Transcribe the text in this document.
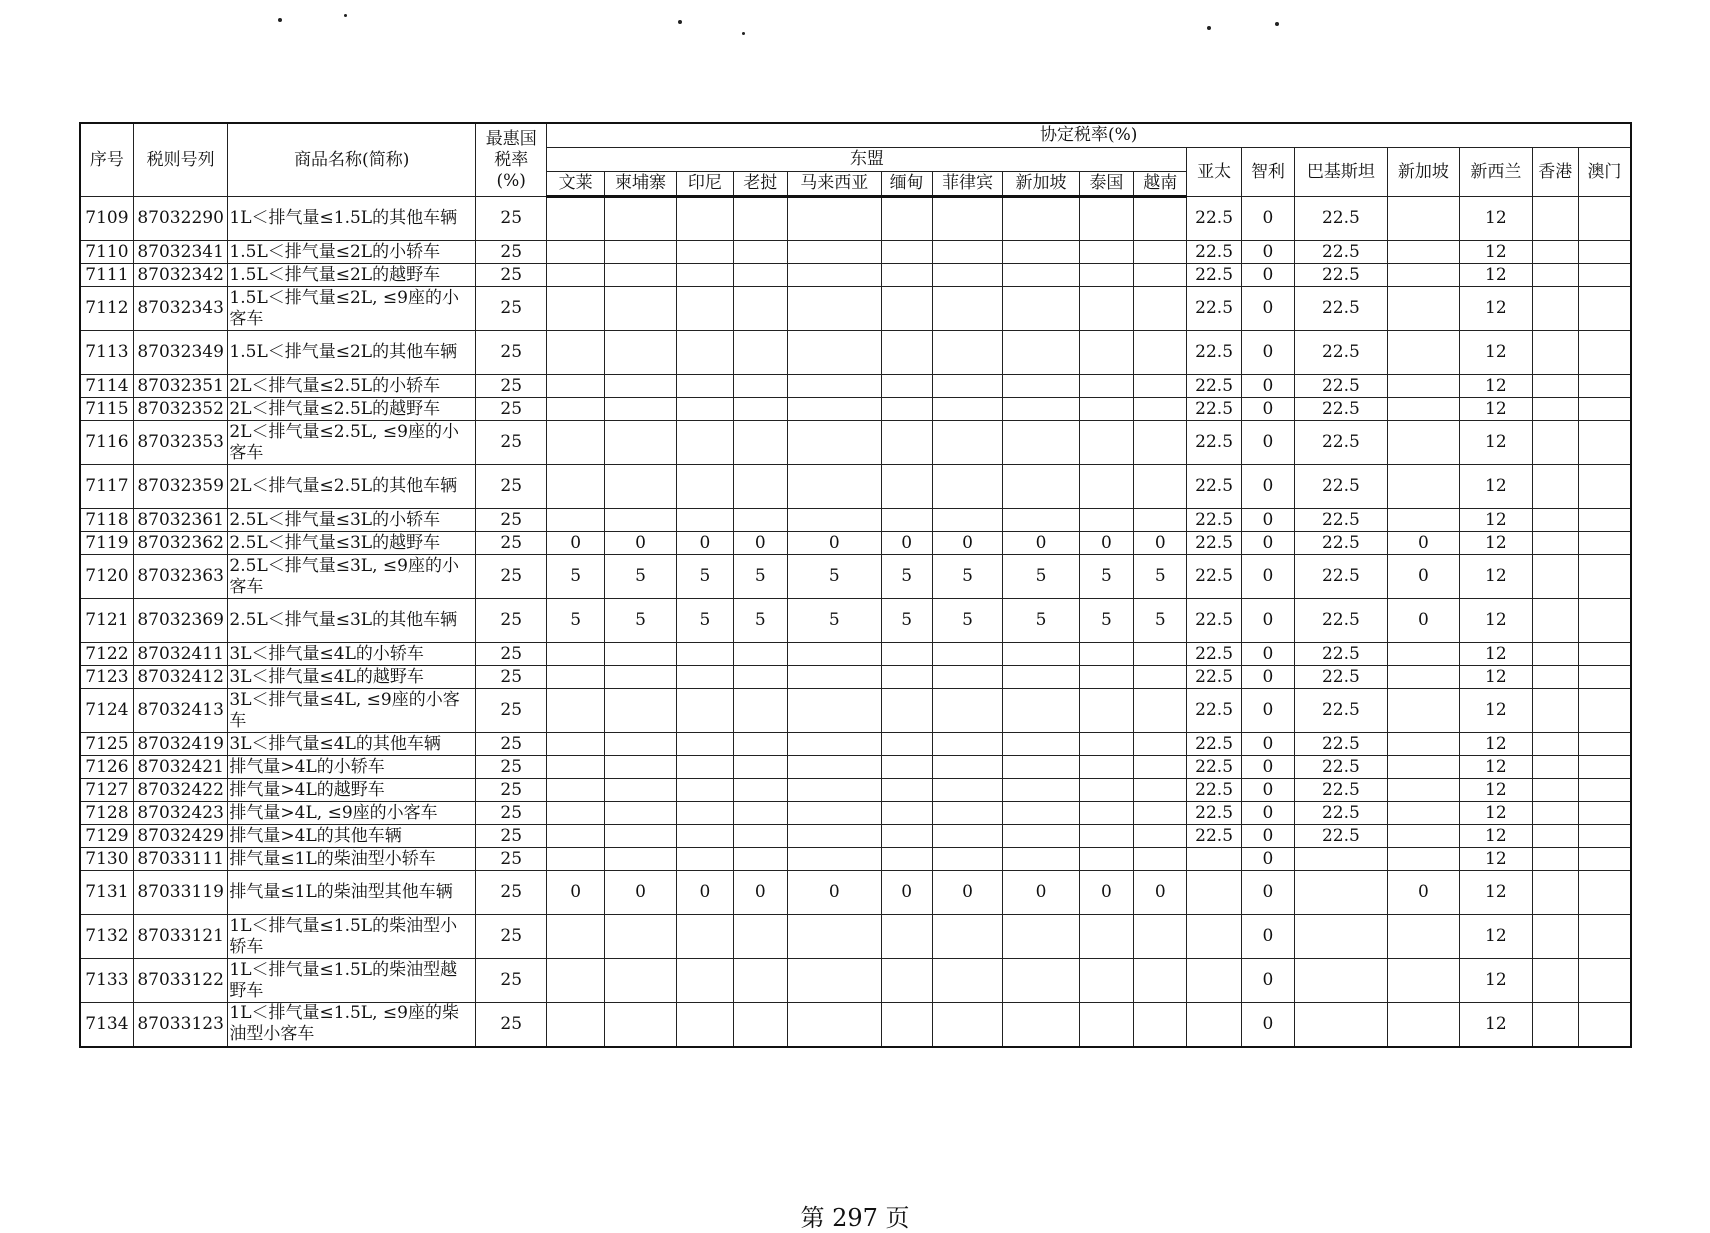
序号	税则号列	商品名称(简称)	最惠国
税率
(%)	协定税率(%)																
				东盟										亚太	智利	巴基斯坦	新加坡	新西兰	香港	澳门
				文莱	柬埔寨	印尼	老挝	马来西亚	缅甸	菲律宾	新加坡	泰国	越南							
7109	87032290	1L＜排气量≤1.5L的其他车辆	25											22.5	0	22.5		12		
7110	87032341	1.5L＜排气量≤2L的小轿车	25											22.5	0	22.5		12		
7111	87032342	1.5L＜排气量≤2L的越野车	25											22.5	0	22.5		12		
7112	87032343	1.5L＜排气量≤2L, ≤9座的小客车	25											22.5	0	22.5		12		
7113	87032349	1.5L＜排气量≤2L的其他车辆	25											22.5	0	22.5		12		
7114	87032351	2L＜排气量≤2.5L的小轿车	25											22.5	0	22.5		12		
7115	87032352	2L＜排气量≤2.5L的越野车	25											22.5	0	22.5		12		
7116	87032353	2L＜排气量≤2.5L, ≤9座的小客车	25											22.5	0	22.5		12		
7117	87032359	2L＜排气量≤2.5L的其他车辆	25											22.5	0	22.5		12		
7118	87032361	2.5L＜排气量≤3L的小轿车	25											22.5	0	22.5		12		
7119	87032362	2.5L＜排气量≤3L的越野车	25	0	0	0	0	0	0	0	0	0	0	22.5	0	22.5	0	12		
7120	87032363	2.5L＜排气量≤3L, ≤9座的小客车	25	5	5	5	5	5	5	5	5	5	5	22.5	0	22.5	0	12		
7121	87032369	2.5L＜排气量≤3L的其他车辆	25	5	5	5	5	5	5	5	5	5	5	22.5	0	22.5	0	12		
7122	87032411	3L＜排气量≤4L的小轿车	25											22.5	0	22.5		12		
7123	87032412	3L＜排气量≤4L的越野车	25											22.5	0	22.5		12		
7124	87032413	3L＜排气量≤4L, ≤9座的小客车	25											22.5	0	22.5		12		
7125	87032419	3L＜排气量≤4L的其他车辆	25											22.5	0	22.5		12		
7126	87032421	排气量>4L的小轿车	25											22.5	0	22.5		12		
7127	87032422	排气量>4L的越野车	25											22.5	0	22.5		12		
7128	87032423	排气量>4L, ≤9座的小客车	25											22.5	0	22.5		12		
7129	87032429	排气量>4L的其他车辆	25											22.5	0	22.5		12		
7130	87033111	排气量≤1L的柴油型小轿车	25												0			12		
7131	87033119	排气量≤1L的柴油型其他车辆	25	0	0	0	0	0	0	0	0	0	0		0		0	12		
7132	87033121	1L＜排气量≤1.5L的柴油型小轿车	25												0			12		
7133	87033122	1L＜排气量≤1.5L的柴油型越野车	25												0			12		
7134	87033123	1L＜排气量≤1.5L, ≤9座的柴油型小客车	25												0			12		
第 297 页
